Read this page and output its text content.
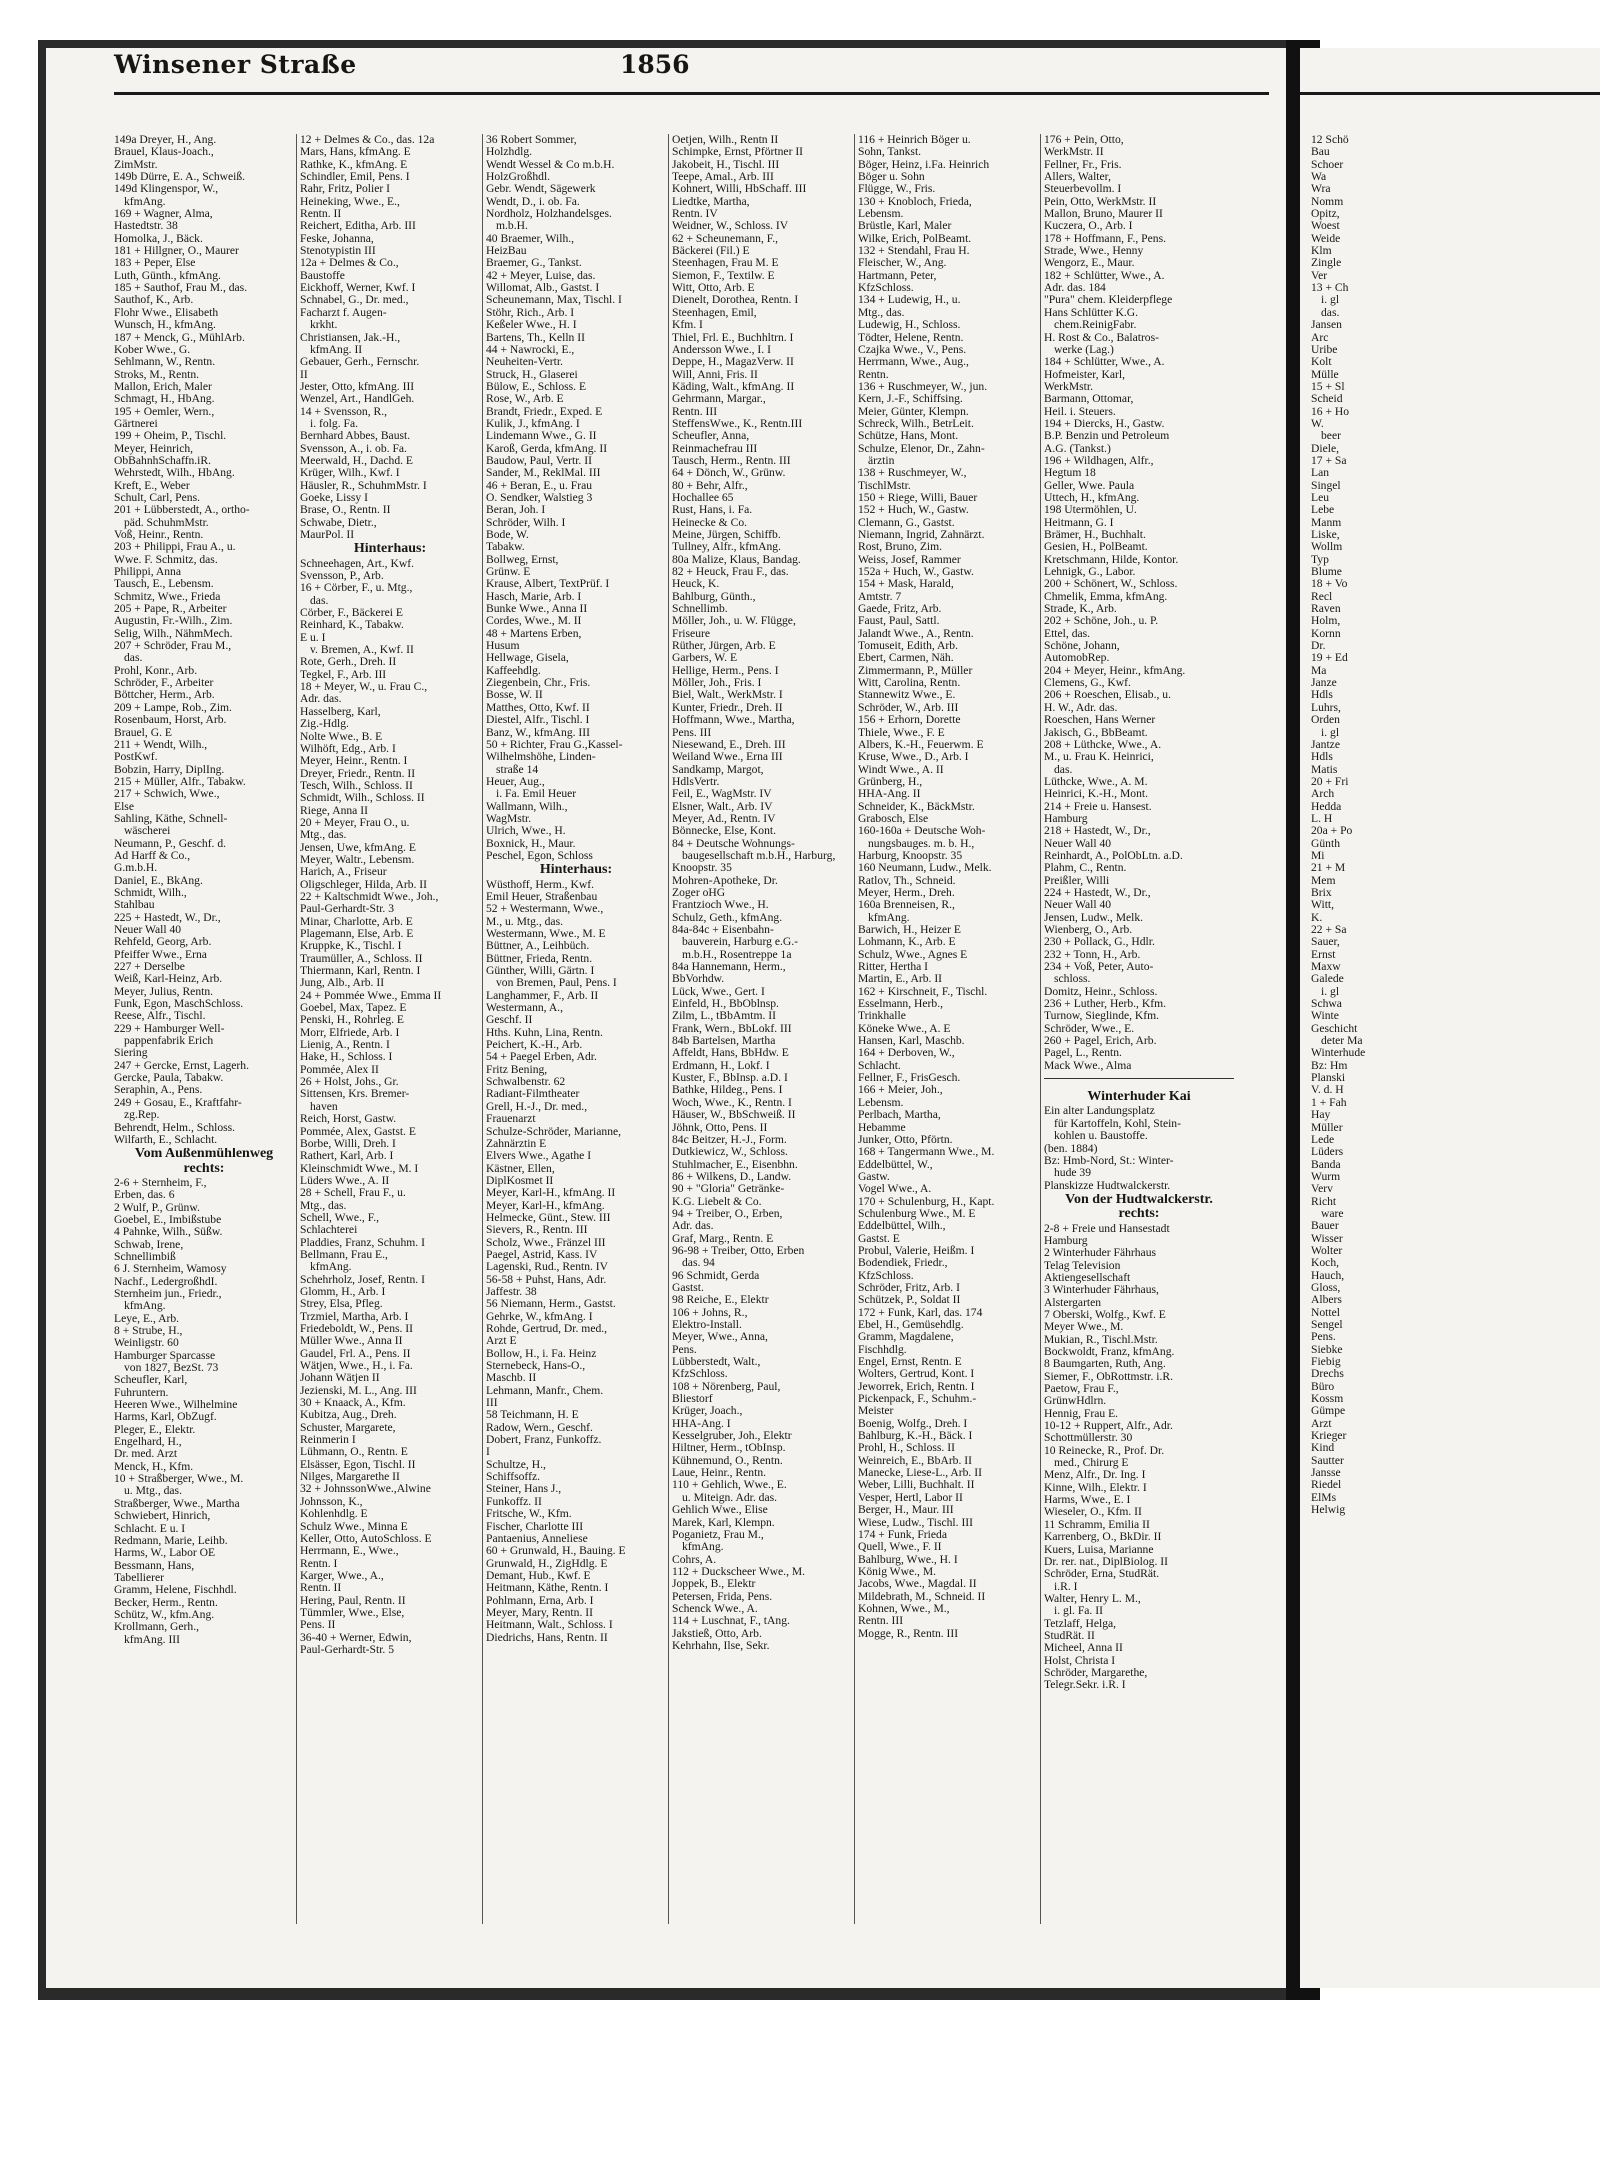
Winsener Straße	1856
149a Dreyer, H., Ang.
Brauel, Klaus-Joach.,
ZimMstr.
149b Dürre, E. A., Schweiß.
149d Klingenspor, W.,
kfmAng.
169 + Wagner, Alma,
Hastedtstr. 38
Homolka, J., Bäck.
181 + Hillgner, O., Maurer
183 + Peper, Else
Luth, Günth., kfmAng.
185 + Sauthof, Frau M., das.
Sauthof, K., Arb.
Flohr Wwe., Elisabeth
Wunsch, H., kfmAng.
187 + Menck, G., MühlArb.
Kober Wwe., G.
Sehlmann, W., Rentn.
Stroks, M., Rentn.
Mallon, Erich, Maler
Schmagt, H., HbAng.
195 + Oemler, Wern.,
Gärtnerei
199 + Oheim, P., Tischl.
Meyer, Heinrich,
ObBahnhSchaffn.iR.
Wehrstedt, Wilh., HbAng.
Kreft, E., Weber
Schult, Carl, Pens.
201 + Lübberstedt, A., ortho-
päd. SchuhmMstr.
Voß, Heinr., Rentn.
203 + Philippi, Frau A., u.
Wwe. F. Schmitz, das.
Philippi, Anna
Tausch, E., Lebensm.
Schmitz, Wwe., Frieda
205 + Pape, R., Arbeiter
Augustin, Fr.-Wilh., Zim.
Selig, Wilh., NähmMech.
207 + Schröder, Frau M.,
das.
Prohl, Konr., Arb.
Schröder, F., Arbeiter
Böttcher, Herm., Arb.
209 + Lampe, Rob., Zim.
Rosenbaum, Horst, Arb.
Brauel, G. E
211 + Wendt, Wilh.,
PostKwf.
Bobzin, Harry, DiplIng.
215 + Müller, Alfr., Tabakw.
217 + Schwich, Wwe.,
Else
Sahling, Käthe, Schnell-
wäscherei
Neumann, P., Geschf. d.
Ad Harff & Co.,
G.m.b.H.
Daniel, E., BkAng.
Schmidt, Wilh.,
Stahlbau
225 + Hastedt, W., Dr.,
Neuer Wall 40
Rehfeld, Georg, Arb.
Pfeiffer Wwe., Erna
227 + Derselbe
Weiß, Karl-Heinz, Arb.
Meyer, Julius, Rentn.
Funk, Egon, MaschSchloss.
Reese, Alfr., Tischl.
229 + Hamburger Well-
pappenfabrik Erich
Siering
247 + Gercke, Ernst, Lagerh.
Gercke, Paula, Tabakw.
Seraphin, A., Pens.
249 + Gosau, E., Kraftfahr-
zg.Rep.
Behrendt, Helm., Schloss.
Wilfarth, E., Schlacht.
Vom Außenmühlenweg
rechts:
2-6 + Sternheim, F.,
Erben, das. 6
2 Wulf, P., Grünw.
Goebel, E., Imbißstube
4 Pahnke, Wilh., Süßw.
Schwab, Irene,
Schnellimbiß
6 J. Sternheim, Wamosy
Nachf., LedergroßhdI.
Sternheim jun., Friedr.,
kfmAng.
Leye, E., Arb.
8 + Strube, H.,
Weinligstr. 60
Hamburger Sparcasse
von 1827, BezSt. 73
Scheufler, Karl,
Fuhruntern.
Heeren Wwe., Wilhelmine
Harms, Karl, ObZugf.
Pleger, E., Elektr.
Engelhard, H.,
Dr. med. Arzt
Menck, H., Kfm.
10 + Straßberger, Wwe., M.
u. Mtg., das.
Straßberger, Wwe., Martha
Schwiebert, Hinrich,
Schlacht. E u. I
Redmann, Marie, Leihb.
Harms, W., Labor OE
Bessmann, Hans,
Tabellierer
Gramm, Helene, Fischhdl.
Becker, Herm., Rentn.
Schütz, W., kfm.Ang.
Krollmann, Gerh.,
kfmAng. III
12 + Delmes & Co., das. 12a
Mars, Hans, kfmAng. E
Rathke, K., kfmAng. E
Schindler, Emil, Pens. I
Rahr, Fritz, Polier I
Heineking, Wwe., E.,
Rentn. II
Reichert, Editha, Arb. III
Feske, Johanna,
Stenotypistin III
12a + Delmes & Co.,
Baustoffe
Eickhoff, Werner, Kwf. I
Schnabel, G., Dr. med.,
Facharzt f. Augen-
krkht.
Christiansen, Jak.-H.,
kfmAng. II
Gebauer, Gerh., Fernschr.
II
Jester, Otto, kfmAng. III
Wenzel, Art., HandlGeh.
14 + Svensson, R.,
i. folg. Fa.
Bernhard Abbes, Baust.
Svensson, A., i. ob. Fa.
Meerwald, H., Dachd. E
Krüger, Wilh., Kwf. I
Häusler, R., SchuhmMstr. I
Goeke, Lissy I
Brase, O., Rentn. II
Schwabe, Dietr.,
MaurPol. II
Hinterhaus:
Schneehagen, Art., Kwf.
Svensson, P., Arb.
16 + Cörber, F., u. Mtg.,
das.
Cörber, F., Bäckerei E
Reinhard, K., Tabakw.
E u. I
v. Bremen, A., Kwf. II
Rote, Gerh., Dreh. II
Tegkel, F., Arb. III
18 + Meyer, W., u. Frau C.,
Adr. das.
Hasselberg, Karl,
Zig.-Hdlg.
Nolte Wwe., B. E
Wilhöft, Edg., Arb. I
Meyer, Heinr., Rentn. I
Dreyer, Friedr., Rentn. II
Tesch, Wilh., Schloss. II
Schmidt, Wilh., Schloss. II
Riege, Anna II
20 + Meyer, Frau O., u.
Mtg., das.
Jensen, Uwe, kfmAng. E
Meyer, Waltr., Lebensm.
Harich, A., Friseur
Oligschleger, Hilda, Arb. II
22 + Kaltschmidt Wwe., Joh.,
Paul-Gerhardt-Str. 3
Minar, Charlotte, Arb. E
Plagemann, Else, Arb. E
Kruppke, K., Tischl. I
Traumüller, A., Schloss. II
Thiermann, Karl, Rentn. I
Jung, Alb., Arb. II
24 + Pommée Wwe., Emma II
Goebel, Max, Tapez. E
Penski, H., Rohrleg. E
Morr, Elfriede, Arb. I
Lienig, A., Rentn. I
Hake, H., Schloss. I
Pommée, Alex II
26 + Holst, Johs., Gr.
Sittensen, Krs. Bremer-
haven
Reich, Horst, Gastw.
Pommée, Alex, Gastst. E
Borbe, Willi, Dreh. I
Rathert, Karl, Arb. I
Kleinschmidt Wwe., M. I
Lüders Wwe., A. II
28 + Schell, Frau F., u.
Mtg., das.
Schell, Wwe., F.,
Schlachterei
Pladdies, Franz, Schuhm. I
Bellmann, Frau E.,
kfmAng.
Schehrholz, Josef, Rentn. I
Glomm, H., Arb. I
Strey, Elsa, Pfleg.
Trzmiel, Martha, Arb. I
Friedeboldt, W., Pens. II
Müller Wwe., Anna II
Gaudel, Frl. A., Pens. II
Wätjen, Wwe., H., i. Fa.
Johann Wätjen II
Jezienski, M. L., Ang. III
30 + Knaack, A., Kfm.
Kubitza, Aug., Dreh.
Schuster, Margarete,
Reinmerin I
Lühmann, O., Rentn. E
Elsässer, Egon, Tischl. II
Nilges, Margarethe II
32 + JohnssonWwe.,Alwine
Johnsson, K.,
Kohlenhdlg. E
Schulz Wwe., Minna E
Keller, Otto, AutoSchloss. E
Herrmann, E., Wwe.,
Rentn. I
Karger, Wwe., A.,
Rentn. II
Hering, Paul, Rentn. II
Tümmler, Wwe., Else,
Pens. II
36-40 + Werner, Edwin,
Paul-Gerhardt-Str. 5
36 Robert Sommer,
Holzhdlg.
Wendt Wessel & Co m.b.H.
HolzGroßhdl.
Gebr. Wendt, Sägewerk
Wendt, D., i. ob. Fa.
Nordholz, Holzhandelsges.
m.b.H.
40 Braemer, Wilh.,
HeizBau
Braemer, G., Tankst.
42 + Meyer, Luise, das.
Willomat, Alb., Gastst. I
Scheunemann, Max, Tischl. I
Stöhr, Rich., Arb. I
Keßeler Wwe., H. I
Bartens, Th., Kelln II
44 + Nawrocki, E.,
Neuheiten-Vertr.
Struck, H., Glaserei
Bülow, E., Schloss. E
Rose, W., Arb. E
Brandt, Friedr., Exped. E
Kulik, J., kfmAng. I
Lindemann Wwe., G. II
Karoß, Gerda, kfmAng. II
Baudow, Paul, Vertr. II
Sander, M., ReklMal. III
46 + Beran, E., u. Frau
O. Sendker, Walstieg 3
Beran, Joh. I
Schröder, Wilh. I
Bode, W.
Tabakw.
Bollweg, Ernst,
Grünw. E
Krause, Albert, TextPrüf. I
Hasch, Marie, Arb. I
Bunke Wwe., Anna II
Cordes, Wwe., M. II
48 + Martens Erben,
Husum
Hellwage, Gisela,
Kaffeehdlg.
Ziegenbein, Chr., Fris.
Bosse, W. II
Matthes, Otto, Kwf. II
Diestel, Alfr., Tischl. I
Banz, W., kfmAng. III
50 + Richter, Frau G.,Kassel-
Wilhelmshöhe, Linden-
straße 14
Heuer, Aug.,
i. Fa. Emil Heuer
Wallmann, Wilh.,
WagMstr.
Ulrich, Wwe., H.
Boxnick, H., Maur.
Peschel, Egon, Schloss
Hinterhaus:
Wüsthoff, Herm., Kwf.
Emil Heuer, Straßenbau
52 + Westermann, Wwe.,
M., u. Mtg., das.
Westermann, Wwe., M. E
Büttner, A., Leihbüch.
Büttner, Frieda, Rentn.
Günther, Willi, Gärtn. I
von Bremen, Paul, Pens. I
Langhammer, F., Arb. II
Westermann, A.,
Geschf. II
Hths. Kuhn, Lina, Rentn.
Peichert, K.-H., Arb.
54 + Paegel Erben, Adr.
Fritz Bening,
Schwalbenstr. 62
Radiant-Filmtheater
Grell, H.-J., Dr. med.,
Frauenarzt
Schulze-Schröder, Marianne,
Zahnärztin E
Elvers Wwe., Agathe I
Kästner, Ellen,
DiplKosmet II
Meyer, Karl-H., kfmAng. II
Meyer, Karl-H., kfmAng.
Helmecke, Günt., Stew. III
Sievers, R., Rentn. III
Scholz, Wwe., Fränzel III
Paegel, Astrid, Kass. IV
Lagenski, Rud., Rentn. IV
56-58 + Puhst, Hans, Adr.
Jaffestr. 38
56 Niemann, Herm., Gastst.
Gehrke, W., kfmAng. I
Rohde, Gertrud, Dr. med.,
Arzt E
Bollow, H., i. Fa. Heinz
Sternebeck, Hans-O.,
Maschb. II
Lehmann, Manfr., Chem.
III
58 Teichmann, H. E
Radow, Wern., Geschf.
Dobert, Franz, Funkoffz.
I
Schultze, H.,
Schiffsoffz.
Steiner, Hans J.,
Funkoffz. II
Fritsche, W., Kfm.
Fischer, Charlotte III
Pantaenius, Anneliese
60 + Grunwald, H., Bauing. E
Grunwald, H., ZigHdlg. E
Demant, Hub., Kwf. E
Heitmann, Käthe, Rentn. I
Pohlmann, Erna, Arb. I
Meyer, Mary, Rentn. II
Heitmann, Walt., Schloss. I
Diedrichs, Hans, Rentn. II
Oetjen, Wilh., Rentn II
Schimpke, Ernst, Pförtner II
Jakobeit, H., Tischl. III
Teepe, Amal., Arb. III
Kohnert, Willi, HbSchaff. III
Liedtke, Martha,
Rentn. IV
Weidner, W., Schloss. IV
62 + Scheunemann, F.,
Bäckerei (Fil.) E
Steenhagen, Frau M. E
Siemon, F., Textilw. E
Witt, Otto, Arb. E
Dienelt, Dorothea, Rentn. I
Steenhagen, Emil,
Kfm. I
Thiel, Frl. E., Buchhltrn. I
Andersson Wwe., I. I
Deppe, H., MagazVerw. II
Will, Anni, Fris. II
Käding, Walt., kfmAng. II
Gehrmann, Margar.,
Rentn. III
SteffensWwe., K., Rentn.III
Scheufler, Anna,
Reinmachefrau III
Tausch, Herm., Rentn. III
64 + Dönch, W., Grünw.
80 + Behr, Alfr.,
Hochallee 65
Rust, Hans, i. Fa.
Heinecke & Co.
Meine, Jürgen, Schiffb.
Tullney, Alfr., kfmAng.
80a Malize, Klaus, Bandag.
82 + Heuck, Frau F., das.
Heuck, K.
Bahlburg, Günth.,
Schnellimb.
Möller, Joh., u. W. Flügge,
Friseure
Rüther, Jürgen, Arb. E
Garbers, W. E
Hellige, Herm., Pens. I
Möller, Joh., Fris. I
Biel, Walt., WerkMstr. I
Kunter, Friedr., Dreh. II
Hoffmann, Wwe., Martha,
Pens. III
Niesewand, E., Dreh. III
Weiland Wwe., Erna III
Sandkamp, Margot,
HdlsVertr.
Feil, E., WagMstr. IV
Elsner, Walt., Arb. IV
Meyer, Ad., Rentn. IV
Bönnecke, Else, Kont.
84 + Deutsche Wohnungs-
baugesellschaft m.b.H., Harburg,
Knoopstr. 35
Mohren-Apotheke, Dr.
Zoger oHG
Frantzioch Wwe., H.
Schulz, Geth., kfmAng.
84a-84c + Eisenbahn-
bauverein, Harburg e.G.-
m.b.H., Rosentreppe 1a
84a Hannemann, Herm.,
BbVorhdw.
Lück, Wwe., Gert. I
Einfeld, H., BbOblnsp.
Zilm, L., tBbAmtm. II
Frank, Wern., BbLokf. III
84b Bartelsen, Martha
Affeldt, Hans, BbHdw. E
Erdmann, H., Lokf. I
Kuster, F., BbInsp. a.D. I
Bathke, Hildeg., Pens. I
Woch, Wwe., K., Rentn. I
Häuser, W., BbSchweiß. II
Jöhnk, Otto, Pens. II
84c Beitzer, H.-J., Form.
Dutkiewicz, W., Schloss.
Stuhlmacher, E., Eisenbhn.
86 + Wilkens, D., Landw.
90 + "Gloria" Getränke-
K.G. Liebelt & Co.
94 + Treiber, O., Erben,
Adr. das.
Graf, Marg., Rentn. E
96-98 + Treiber, Otto, Erben
das. 94
96 Schmidt, Gerda
Gastst.
98 Reiche, E., Elektr
106 + Johns, R.,
Elektro-Install.
Meyer, Wwe., Anna,
Pens.
Lübberstedt, Walt.,
KfzSchloss.
108 + Nörenberg, Paul,
Bliestorf
Krüger, Joach.,
HHA-Ang. I
Kesselgruber, Joh., Elektr
Hiltner, Herm., tObInsp.
Kühnemund, O., Rentn.
Laue, Heinr., Rentn.
110 + Gehlich, Wwe., E.
u. Miteign. Adr. das.
Gehlich Wwe., Elise
Marek, Karl, Klempn.
Poganietz, Frau M.,
kfmAng.
Cohrs, A.
112 + Duckscheer Wwe., M.
Joppek, B., Elektr
Petersen, Frida, Pens.
Schenck Wwe., A.
114 + Luschnat, F., tAng.
Jakstieß, Otto, Arb.
Kehrhahn, Ilse, Sekr.
116 + Heinrich Böger u.
Sohn, Tankst.
Böger, Heinz, i.Fa. Heinrich
Böger u. Sohn
Flügge, W., Fris.
130 + Knobloch, Frieda,
Lebensm.
Brüstle, Karl, Maler
Wilke, Erich, PolBeamt.
132 + Stendahl, Frau H.
Fleischer, W., Ang.
Hartmann, Peter,
KfzSchloss.
134 + Ludewig, H., u.
Mtg., das.
Ludewig, H., Schloss.
Tödter, Helene, Rentn.
Czajka Wwe., V., Pens.
Herrmann, Wwe., Aug.,
Rentn.
136 + Ruschmeyer, W., jun.
Kern, J.-F., Schiffsing.
Meier, Günter, Klempn.
Schreck, Wilh., BetrLeit.
Schütze, Hans, Mont.
Schulze, Elenor, Dr., Zahn-
ärztin
138 + Ruschmeyer, W.,
TischlMstr.
150 + Riege, Willi, Bauer
152 + Huch, W., Gastw.
Clemann, G., Gastst.
Niemann, Ingrid, Zahnärzt.
Rost, Bruno, Zim.
Weiss, Josef, Rammer
152a + Huch, W., Gastw.
154 + Mask, Harald,
Amtstr. 7
Gaede, Fritz, Arb.
Faust, Paul, Sattl.
Jalandt Wwe., A., Rentn.
Tomuseit, Edith, Arb.
Ebert, Carmen, Näh.
Zimmermann, P., Müller
Witt, Carolina, Rentn.
Stannewitz Wwe., E.
Schröder, W., Arb. III
156 + Erhorn, Dorette
Thiele, Wwe., F. E
Albers, K.-H., Feuerwm. E
Kruse, Wwe., D., Arb. I
Windt Wwe., A. II
Grünberg, H.,
HHA-Ang. II
Schneider, K., BäckMstr.
Grabosch, Else
160-160a + Deutsche Woh-
nungsbauges. m. b. H.,
Harburg, Knoopstr. 35
160 Neumann, Ludw., Melk.
Ratlov, Th., Schneid.
Meyer, Herm., Dreh.
160a Brenneisen, R.,
kfmAng.
Barwich, H., Heizer E
Lohmann, K., Arb. E
Schulz, Wwe., Agnes E
Ritter, Hertha I
Martin, E., Arb. II
162 + Kirschneit, F., Tischl.
Esselmann, Herb.,
Trinkhalle
Köneke Wwe., A. E
Hansen, Karl, Maschb.
164 + Derboven, W.,
Schlacht.
Fellner, F., FrisGesch.
166 + Meier, Joh.,
Lebensm.
Perlbach, Martha,
Hebamme
Junker, Otto, Pförtn.
168 + Tangermann Wwe., M.
Eddelbüttel, W.,
Gastw.
Vogel Wwe., A.
170 + Schulenburg, H., Kapt.
Schulenburg Wwe., M. E
Eddelbüttel, Wilh.,
Gastst. E
Probul, Valerie, Heißm. I
Bodendiek, Friedr.,
KfzSchloss.
Schröder, Fritz, Arb. I
Schützek, P., Soldat II
172 + Funk, Karl, das. 174
Ebel, H., Gemüsehdlg.
Gramm, Magdalene,
Fischhdlg.
Engel, Ernst, Rentn. E
Wolters, Gertrud, Kont. I
Jeworrek, Erich, Rentn. I
Pickenpack, F., Schuhm.-
Meister
Boenig, Wolfg., Dreh. I
Bahlburg, K.-H., Bäck. I
Prohl, H., Schloss. II
Weinreich, E., BbArb. II
Manecke, Liese-L., Arb. II
Weber, Lilli, Buchhalt. II
Vesper, Hertl, Labor II
Berger, H., Maur. III
Wiese, Ludw., Tischl. III
174 + Funk, Frieda
Quell, Wwe., F. II
Bahlburg, Wwe., H. I
König Wwe., M.
Jacobs, Wwe., Magdal. II
Mildebrath, M., Schneid. II
Kohnen, Wwe., M.,
Rentn. III
Mogge, R., Rentn. III
176 + Pein, Otto,
WerkMstr. II
Fellner, Fr., Fris.
Allers, Walter,
Steuerbevollm. I
Pein, Otto, WerkMstr. II
Mallon, Bruno, Maurer II
Kuczera, O., Arb. I
178 + Hoffmann, F., Pens.
Strade, Wwe., Henny
Wengorz, E., Maur.
182 + Schlütter, Wwe., A.
Adr. das. 184
"Pura" chem. Kleiderpflege
Hans Schlütter K.G.
chem.ReinigFabr.
H. Rost & Co., Balatros-
werke (Lag.)
184 + Schlütter, Wwe., A.
Hofmeister, Karl,
WerkMstr.
Barmann, Ottomar,
Heil. i. Steuers.
194 + Diercks, H., Gastw.
B.P. Benzin und Petroleum
A.G. (Tankst.)
196 + Wildhagen, Alfr.,
Hegtum 18
Geller, Wwe. Paula
Uttech, H., kfmAng.
198 Utermöhlen, U.
Heitmann, G. I
Brämer, H., Buchhalt.
Gesien, H., PolBeamt.
Kretschmann, Hilde, Kontor.
Lehnigk, G., Labor.
200 + Schönert, W., Schloss.
Chmelik, Emma, kfmAng.
Strade, K., Arb.
202 + Schöne, Joh., u. P.
Ettel, das.
Schöne, Johann,
AutomobRep.
204 + Meyer, Heinr., kfmAng.
Clemens, G., Kwf.
206 + Roeschen, Elisab., u.
H. W., Adr. das.
Roeschen, Hans Werner
Jakisch, G., BbBeamt.
208 + Lüthcke, Wwe., A.
M., u. Frau K. Heinrici,
das.
Lüthcke, Wwe., A. M.
Heinrici, K.-H., Mont.
214 + Freie u. Hansest.
Hamburg
218 + Hastedt, W., Dr.,
Neuer Wall 40
Reinhardt, A., PolObLtn. a.D.
Plahm, C., Rentn.
Preißler, Willi
224 + Hastedt, W., Dr.,
Neuer Wall 40
Jensen, Ludw., Melk.
Wienberg, O., Arb.
230 + Pollack, G., Hdlr.
232 + Tonn, H., Arb.
234 + Voß, Peter, Auto-
schloss.
Domitz, Heinr., Schloss.
236 + Luther, Herb., Kfm.
Turnow, Sieglinde, Kfm.
Schröder, Wwe., E.
260 + Pagel, Erich, Arb.
Pagel, L., Rentn.
Mack Wwe., Alma
Winterhuder Kai
Ein alter Landungsplatz
für Kartoffeln, Kohl, Stein-
kohlen u. Baustoffe.
(ben. 1884)
Bz: Hmb-Nord, St.: Winter-
hude 39
Planskizze Hudtwalckerstr.
Von der Hudtwalckerstr.
rechts:
2-8 + Freie und Hansestadt
Hamburg
2 Winterhuder Fährhaus
Telag Television
Aktiengesellschaft
3 Winterhuder Fährhaus,
Alstergarten
7 Oberski, Wolfg., Kwf. E
Meyer Wwe., M.
Mukian, R., Tischl.Mstr.
Bockwoldt, Franz, kfmAng.
8 Baumgarten, Ruth, Ang.
Siemer, F., ObRottmstr. i.R.
Paetow, Frau F.,
GrünwHdlrn.
Hennig, Frau E.
10-12 + Ruppert, Alfr., Adr.
Schottmüllerstr. 30
10 Reinecke, R., Prof. Dr.
med., Chirurg E
Menz, Alfr., Dr. Ing. I
Kinne, Wilh., Elektr. I
Harms, Wwe., E. I
Wieseler, O., Kfm. II
11 Schramm, Emilia II
Karrenberg, O., BkDir. II
Kuers, Luisa, Marianne
Dr. rer. nat., DiplBiolog. II
Schröder, Erna, StudRät.
i.R. I
Walter, Henry L. M.,
i. gl. Fa. II
Tetzlaff, Helga,
StudRät. II
Micheel, Anna II
Holst, Christa I
Schröder, Margarethe,
Telegr.Sekr. i.R. I
12 Schö
Bau
Schoer
Wa
Wra
Nomm
Opitz,
Woest
Weide
Klm
Zingle
Ver
13 + Ch
i. gl
das.
Jansen
Arc
Uribe
Kolt
Mülle
15 + Sl
Scheid
16 + Ho
W.
beer
Diele,
17 + Sa
Lan
Singel
Leu
Lebe
Manm
Liske,
Wollm
Typ
Blume
18 + Vo
Recl
Raven
Holm,
Kornn
Dr.
19 + Ed
Ma
Janze
Hdls
Luhrs,
Orden
i. gl
Jantze
Hdls
Matis
20 + Fri
Arch
Hedda
L. H
20a + Po
Günth
Mi
21 + M
Mem
Brix
Witt,
K.
22 + Sa
Sauer,
Ernst
Maxw
Galede
i. gl
Schwa
Winte
Geschicht
deter Ma
Winterhude
Bz: Hm
Planski
V. d. H
1 + Fah
Hay
Müller
Lede
Lüders
Banda
Wurm
Verv
Richt
ware
Bauer
Wisser
Wolter
Koch,
Hauch,
Gloss,
Albers
Nottel
Sengel
Pens.
Siebke
Fiebig
Drechs
Büro
Kossm
Gümpe
Arzt
Krieger
Kind
Sautter
Jansse
Riedel
ElMs
Helwig
